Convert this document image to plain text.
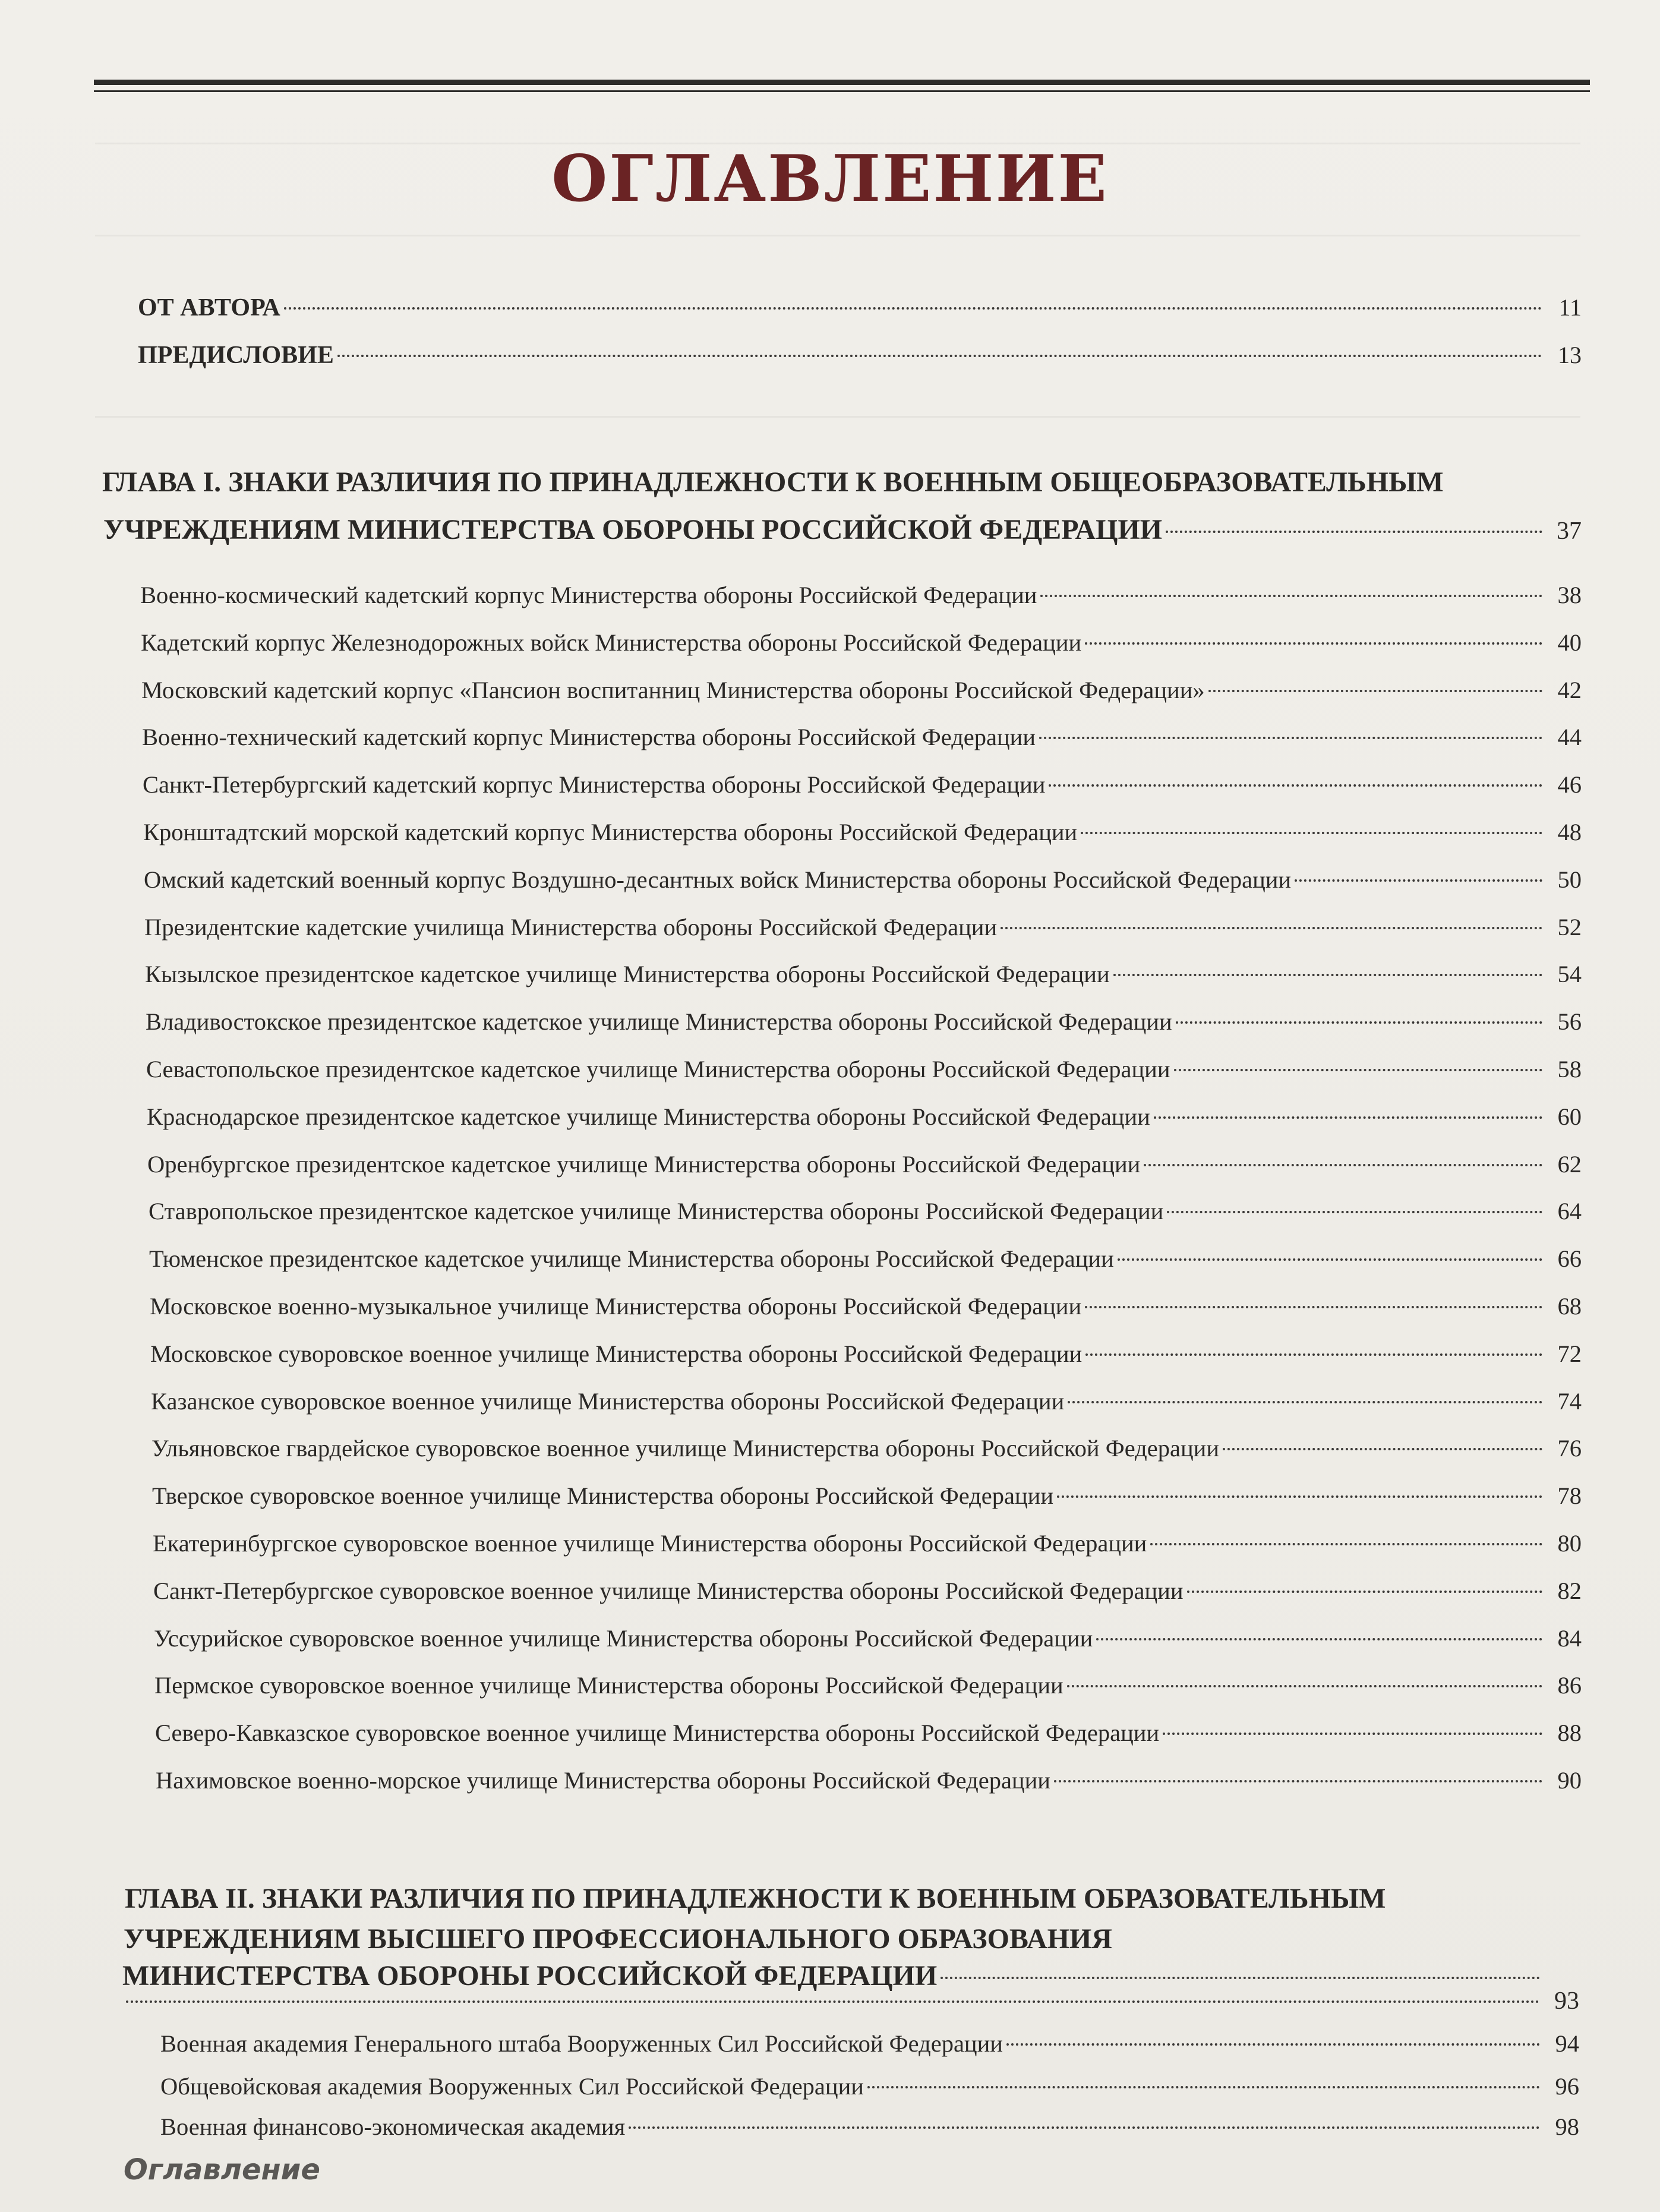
ОГЛАВЛЕНИЕ
ОТ АВТОРА	11
ПРЕДИСЛОВИЕ	13
ГЛАВА I. ЗНАКИ РАЗЛИЧИЯ ПО ПРИНАДЛЕЖНОСТИ К ВОЕННЫМ ОБЩЕОБРАЗОВАТЕЛЬНЫМ
УЧРЕЖДЕНИЯМ МИНИСТЕРСТВА ОБОРОНЫ РОССИЙСКОЙ ФЕДЕРАЦИИ	37
Военно-космический кадетский корпус Министерства обороны Российской Федерации	38
Кадетский корпус Железнодорожных войск Министерства обороны Российской Федерации	40
Московский кадетский корпус «Пансион воспитанниц Министерства обороны Российской Федерации»	42
Военно-технический кадетский корпус Министерства обороны Российской Федерации	44
Санкт-Петербургский кадетский корпус Министерства обороны Российской Федерации	46
Кронштадтский морской кадетский корпус Министерства обороны Российской Федерации	48
Омский кадетский военный корпус Воздушно-десантных войск Министерства обороны Российской Федерации	50
Президентские кадетские училища Министерства обороны Российской Федерации	52
Кызылское президентское кадетское училище Министерства обороны Российской Федерации	54
Владивостокское президентское кадетское училище Министерства обороны Российской Федерации	56
Севастопольское президентское кадетское училище Министерства обороны Российской Федерации	58
Краснодарское президентское кадетское училище Министерства обороны Российской Федерации	60
Оренбургское президентское кадетское училище Министерства обороны Российской Федерации	62
Ставропольское президентское кадетское училище Министерства обороны Российской Федерации	64
Тюменское президентское кадетское училище Министерства обороны Российской Федерации	66
Московское военно-музыкальное училище Министерства обороны Российской Федерации	68
Московское суворовское военное училище Министерства обороны Российской Федерации	72
Казанское суворовское военное училище Министерства обороны Российской Федерации	74
Ульяновское гвардейское суворовское военное училище Министерства обороны Российской Федерации	76
Тверское суворовское военное училище Министерства обороны Российской Федерации	78
Екатеринбургское суворовское военное училище Министерства обороны Российской Федерации	80
Санкт-Петербургское суворовское военное училище Министерства обороны Российской Федерации	82
Уссурийское суворовское военное училище Министерства обороны Российской Федерации	84
Пермское суворовское военное училище Министерства обороны Российской Федерации	86
Северо-Кавказское суворовское военное училище Министерства обороны Российской Федерации	88
Нахимовское военно-морское училище Министерства обороны Российской Федерации	90
ГЛАВА II. ЗНАКИ РАЗЛИЧИЯ ПО ПРИНАДЛЕЖНОСТИ К ВОЕННЫМ ОБРАЗОВАТЕЛЬНЫМ
УЧРЕЖДЕНИЯМ ВЫСШЕГО ПРОФЕССИОНАЛЬНОГО ОБРАЗОВАНИЯ
МИНИСТЕРСТВА ОБОРОНЫ РОССИЙСКОЙ ФЕДЕРАЦИИ
93
Военная академия Генерального штаба Вооруженных Сил Российской Федерации	94
Общевойсковая академия Вооруженных Сил Российской Федерации	96
Военная финансово-экономическая академия	98
Оглавление
